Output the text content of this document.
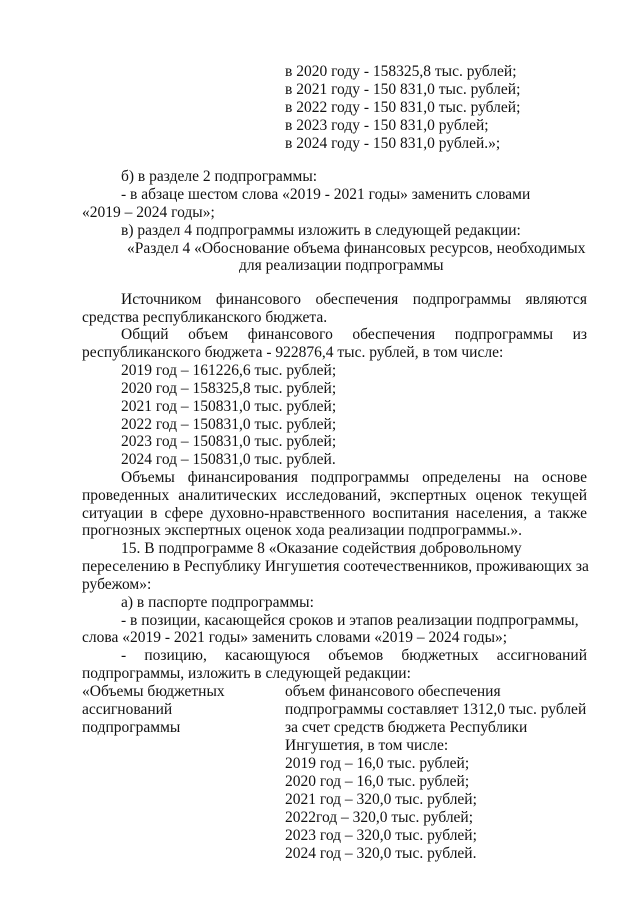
в 2020 году - 158325,8 тыс. рублей;
в 2021 году - 150 831,0 тыс. рублей;
в 2022 году - 150 831,0 тыс. рублей;
в 2023 году - 150 831,0 рублей;
в 2024 году - 150 831,0 рублей.»;
б) в разделе 2 подпрограммы:
- в абзаце шестом слова «2019 - 2021 годы» заменить словами
«2019 – 2024 годы»;
в) раздел 4 подпрограммы изложить в следующей редакции:
«Раздел 4 «Обоснование объема финансовых ресурсов, необходимых
для реализации подпрограммы
Источником финансового обеспечения подпрограммы являются
средства республиканского бюджета.
Общий объем финансового обеспечения подпрограммы из
республиканского бюджета - 922876,4 тыс. рублей, в том числе:
2019 год – 161226,6 тыс. рублей;
2020 год – 158325,8 тыс. рублей;
2021 год – 150831,0 тыс. рублей;
2022 год – 150831,0 тыс. рублей;
2023 год – 150831,0 тыс. рублей;
2024 год – 150831,0 тыс. рублей.
Объемы финансирования подпрограммы определены на основе
проведенных аналитических исследований, экспертных оценок текущей
ситуации в сфере духовно-нравственного воспитания населения, а также
прогнозных экспертных оценок хода реализации подпрограммы.».
15. В подпрограмме 8 «Оказание содействия добровольному
переселению в Республику Ингушетия соотечественников, проживающих за
рубежом»:
а) в паспорте подпрограммы:
- в позиции, касающейся сроков и этапов реализации подпрограммы,
слова «2019 - 2021 годы» заменить словами «2019 – 2024 годы»;
- позицию, касающуюся объемов бюджетных ассигнований
подпрограммы, изложить в следующей редакции:
«Объемы бюджетных
ассигнований
подпрограммы
объем финансового обеспечения
подпрограммы составляет 1312,0 тыс. рублей
за счет средств бюджета Республики
Ингушетия, в том числе:
2019 год – 16,0 тыс. рублей;
2020 год – 16,0 тыс. рублей;
2021 год – 320,0 тыс. рублей;
2022год – 320,0 тыс. рублей;
2023 год – 320,0 тыс. рублей;
2024 год – 320,0 тыс. рублей.
